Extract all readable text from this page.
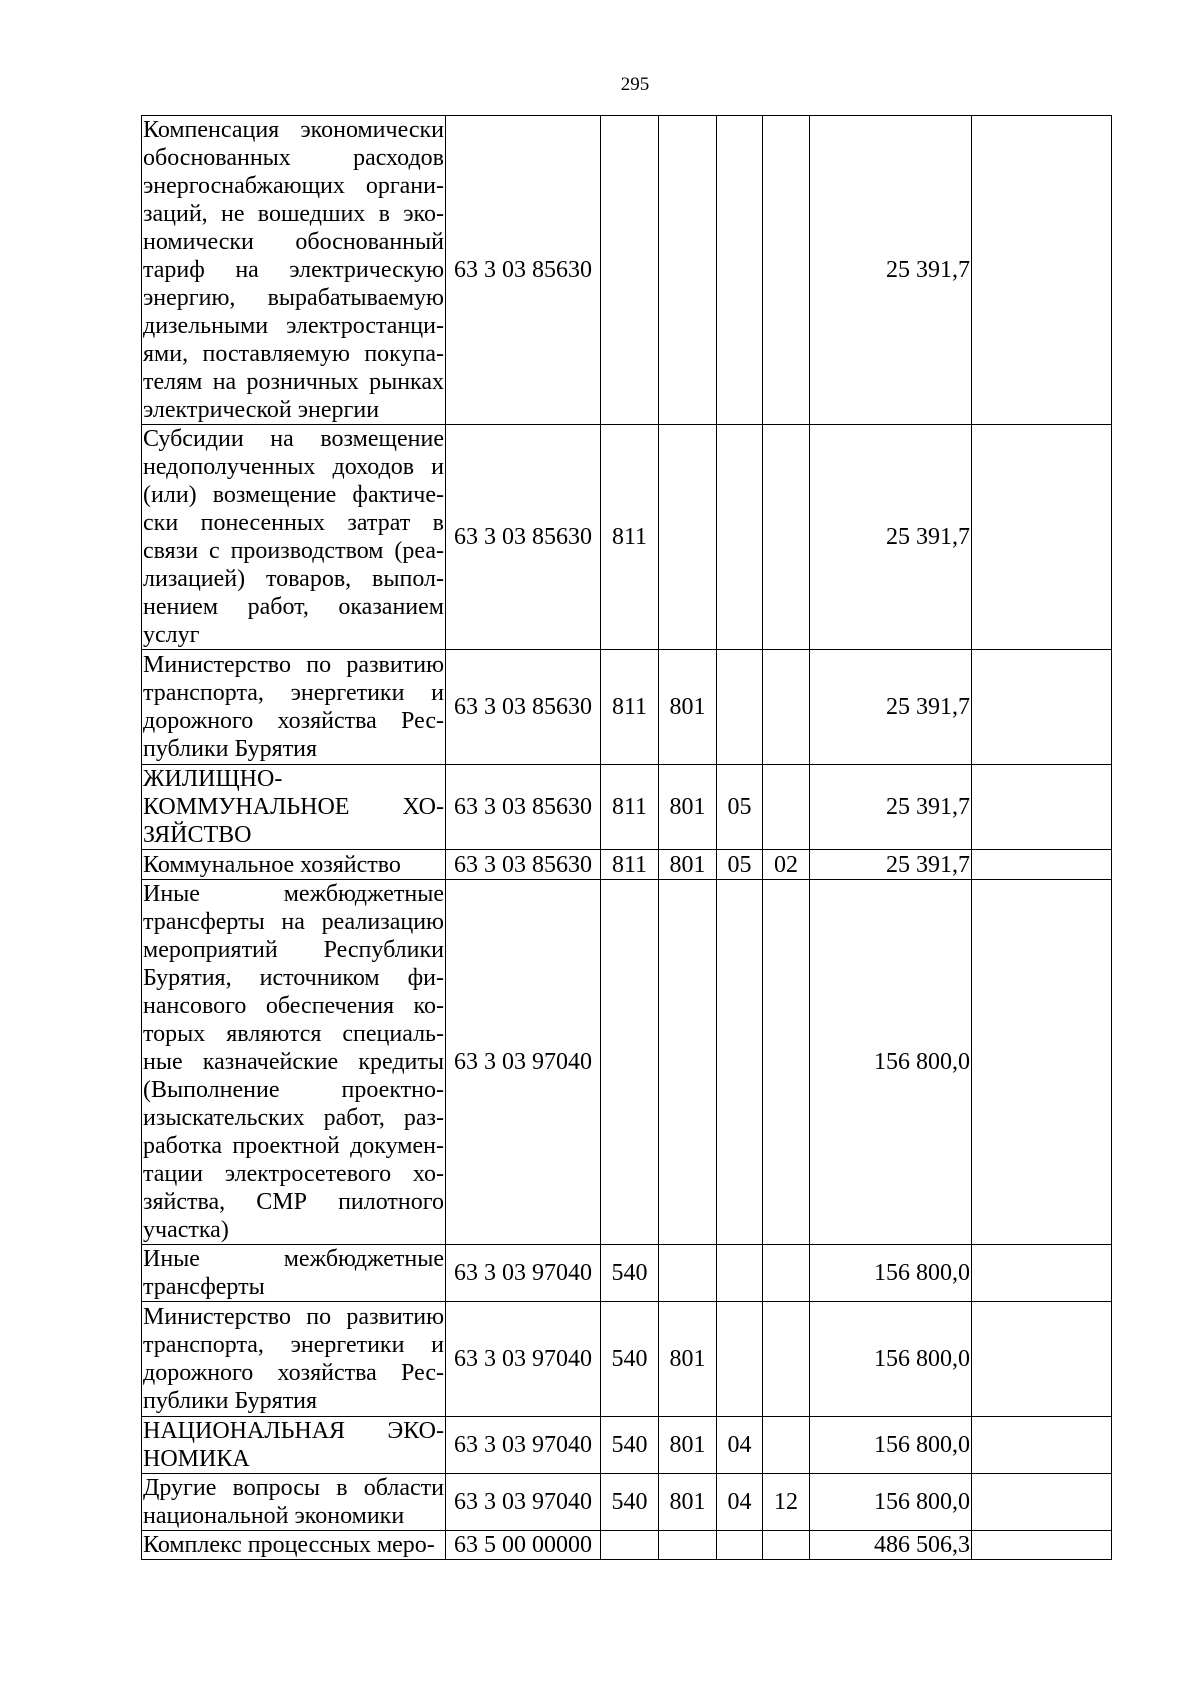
295
Компенсация экономически обоснованных расходов энергоснабжающих организаций, не вошедших в экономически обоснованный тариф на электрическую энергию, вырабатываемую дизельными электростанциями, поставляемую покупателям на розничных рынках электрической энергии	63 3 03 85630					25 391,7	
Субсидии на возмещение недополученных доходов и (или) возмещение фактически понесенных затрат в связи с производством (реализацией) товаров, выполнением работ, оказанием услуг	63 3 03 85630	811				25 391,7	
Министерство по развитию транспорта, энергетики и дорожного хозяйства Республики Бурятия	63 3 03 85630	811	801			25 391,7	
ЖИЛИЩНО-КОММУНАЛЬНОЕ ХОЗЯЙСТВО	63 3 03 85630	811	801	05		25 391,7	
Коммунальное хозяйство	63 3 03 85630	811	801	05	02	25 391,7	
Иные межбюджетные трансферты на реализацию мероприятий Республики Бурятия, источником финансового обеспечения которых являются специальные казначейские кредиты (Выполнение проектно-изыскательских работ, разработка проектной документации электросетевого хозяйства, СМР пилотного участка)	63 3 03 97040					156 800,0	
Иные межбюджетные трансферты	63 3 03 97040	540				156 800,0	
Министерство по развитию транспорта, энергетики и дорожного хозяйства Республики Бурятия	63 3 03 97040	540	801			156 800,0	
НАЦИОНАЛЬНАЯ ЭКОНОМИКА	63 3 03 97040	540	801	04		156 800,0	
Другие вопросы в области национальной экономики	63 3 03 97040	540	801	04	12	156 800,0	
Комплекс процессных меро-	63 5 00 00000					486 506,3	
